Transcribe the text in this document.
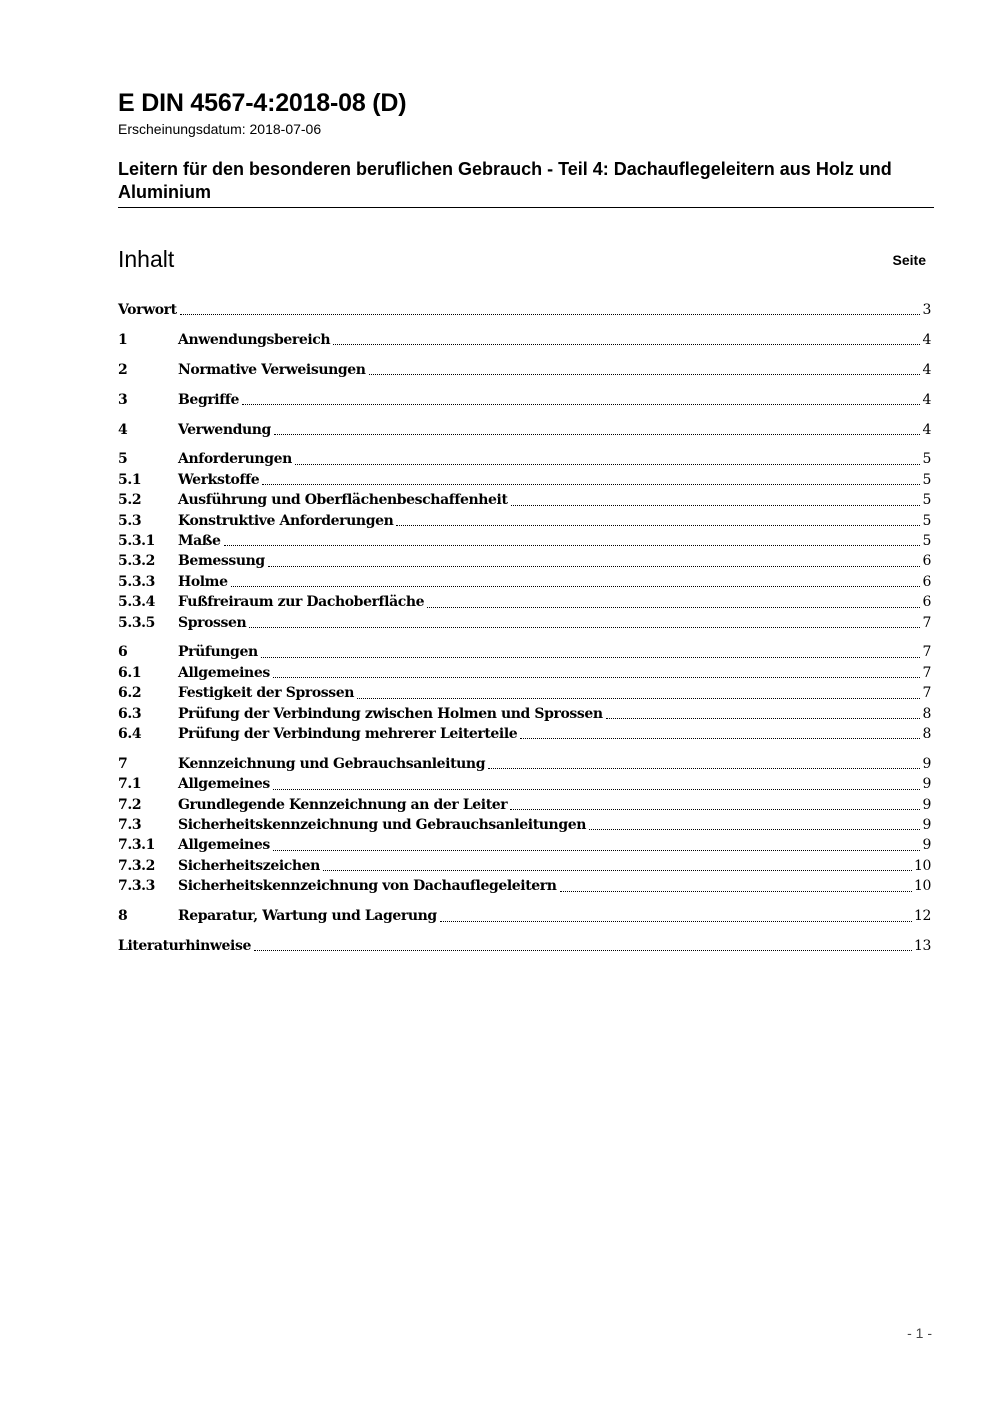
E DIN 4567-4:2018-08 (D)
Erscheinungsdatum: 2018-07-06
Leitern für den besonderen beruflichen Gebrauch - Teil 4: Dachauflegeleitern aus Holz und Aluminium
Inhalt	Seite
Vorwort	3
1	Anwendungsbereich	4
2	Normative Verweisungen	4
3	Begriffe	4
4	Verwendung	4
5	Anforderungen	5
5.1	Werkstoffe	5
5.2	Ausführung und Oberflächenbeschaffenheit	5
5.3	Konstruktive Anforderungen	5
5.3.1	Maße	5
5.3.2	Bemessung	6
5.3.3	Holme	6
5.3.4	Fußfreiraum zur Dachoberfläche	6
5.3.5	Sprossen	7
6	Prüfungen	7
6.1	Allgemeines	7
6.2	Festigkeit der Sprossen	7
6.3	Prüfung der Verbindung zwischen Holmen und Sprossen	8
6.4	Prüfung der Verbindung mehrerer Leiterteile	8
7	Kennzeichnung und Gebrauchsanleitung	9
7.1	Allgemeines	9
7.2	Grundlegende Kennzeichnung an der Leiter	9
7.3	Sicherheitskennzeichnung und Gebrauchsanleitungen	9
7.3.1	Allgemeines	9
7.3.2	Sicherheitszeichen	10
7.3.3	Sicherheitskennzeichnung von Dachauflegeleitern	10
8	Reparatur, Wartung und Lagerung	12
Literaturhinweise	13
- 1 -
